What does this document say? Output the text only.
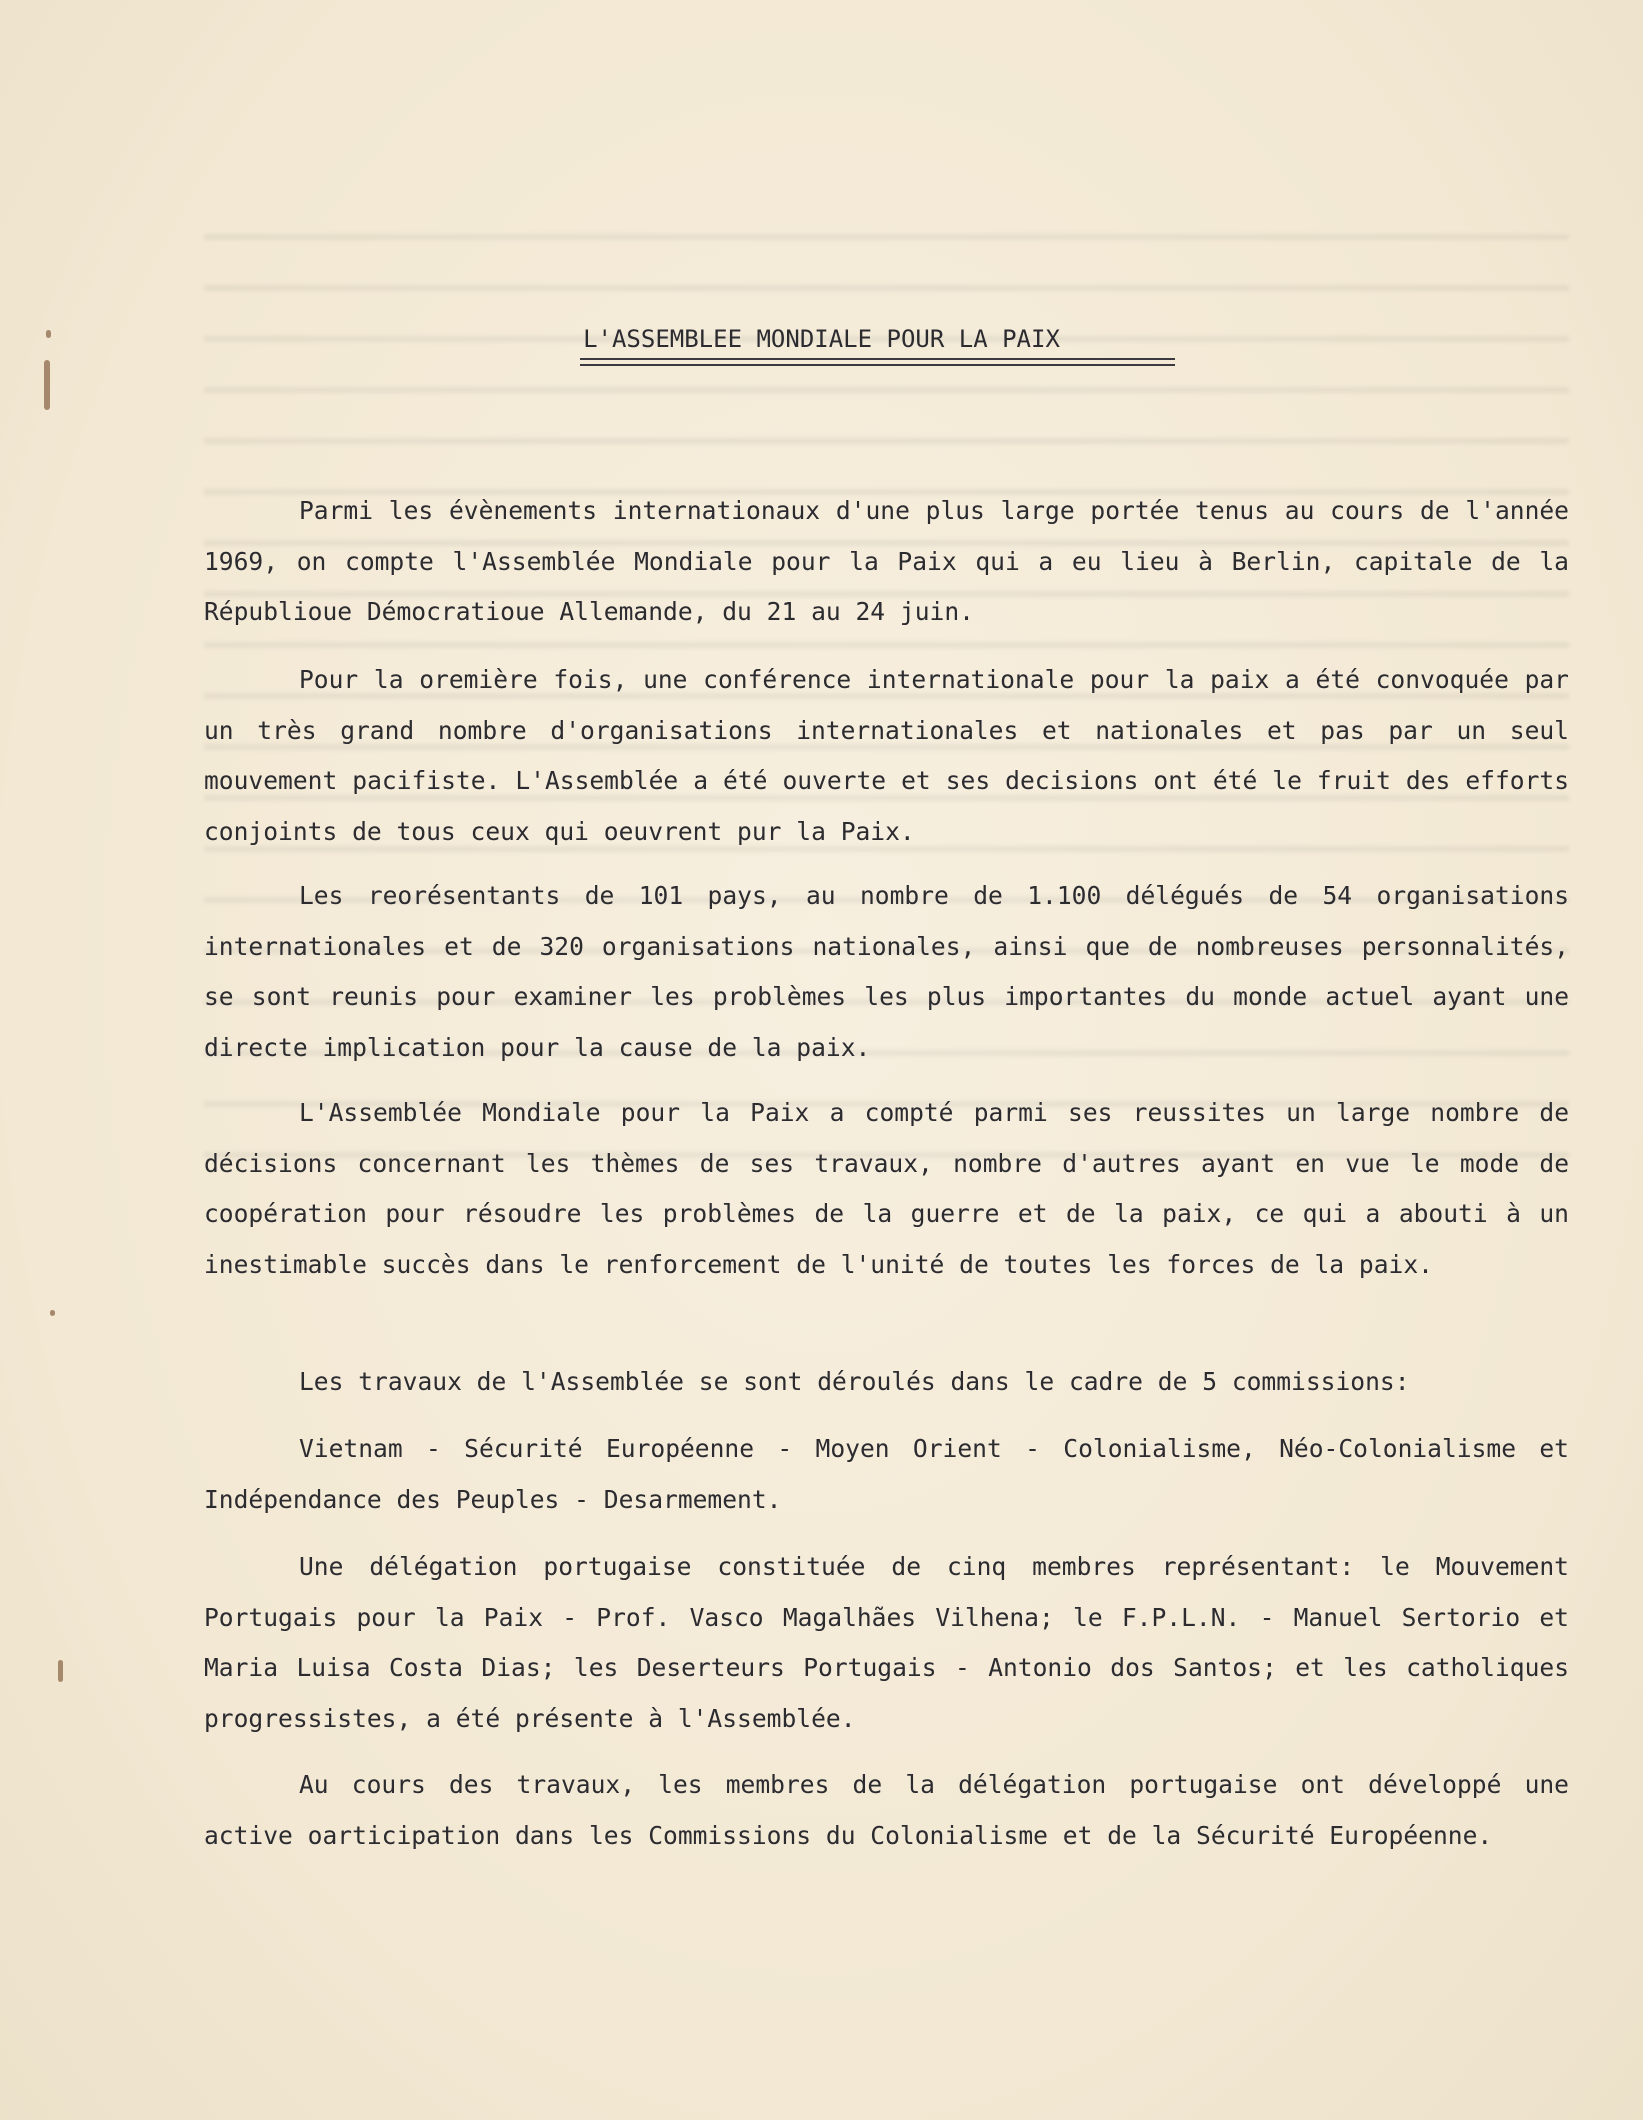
L'ASSEMBLEE MONDIALE POUR LA PAIX

Parmi les évènements internationaux d'une plus large portée tenus au cours de l'année 1969, on compte l'Assemblée Mondiale pour la Paix qui a eu lieu à Berlin, capitale de la Républioue Démocratioue Allemande, du 21 au 24 juin.

Pour la oremière fois, une conférence internationale pour la paix a été convoquée par un très grand nombre d'organisations internationales et nationales et pas par un seul mouvement pacifiste. L'Assemblée a été ouverte et ses decisions ont été le fruit des efforts conjoints de tous ceux qui oeuvrent pur la Paix.

Les reorésentants de 101 pays, au nombre de 1.100 délégués de 54 organisations internationales et de 320 organisations nationales, ainsi que de nombreuses personnalités, se sont reunis pour examiner les problèmes les plus importantes du monde actuel ayant une directe implication pour la cause de la paix.

L'Assemblée Mondiale pour la Paix a compté parmi ses reussites un large nombre de décisions concernant les thèmes de ses travaux, nombre d'autres ayant en vue le mode de coopération pour résoudre les problèmes de la guerre et de la paix, ce qui a abouti à un inestimable succès dans le renforcement de l'unité de toutes les forces de la paix.

Les travaux de l'Assemblée se sont déroulés dans le cadre de 5 commissions:

Vietnam - Sécurité Européenne - Moyen Orient - Colonialisme, Néo-Colonialisme et Indépendance des Peuples - Desarmement.

Une délégation portugaise constituée de cinq membres représentant: le Mouvement Portugais pour la Paix - Prof. Vasco Magalhães Vilhena; le F.P.L.N. - Manuel Sertorio et Maria Luisa Costa Dias; les Deserteurs Portugais - Antonio dos Santos; et les catholiques progressistes, a été présente à l'Assemblée.

Au cours des travaux, les membres de la délégation portugaise ont développé une active oarticipation dans les Commissions du Colonialisme et de la Sécurité Européenne.
